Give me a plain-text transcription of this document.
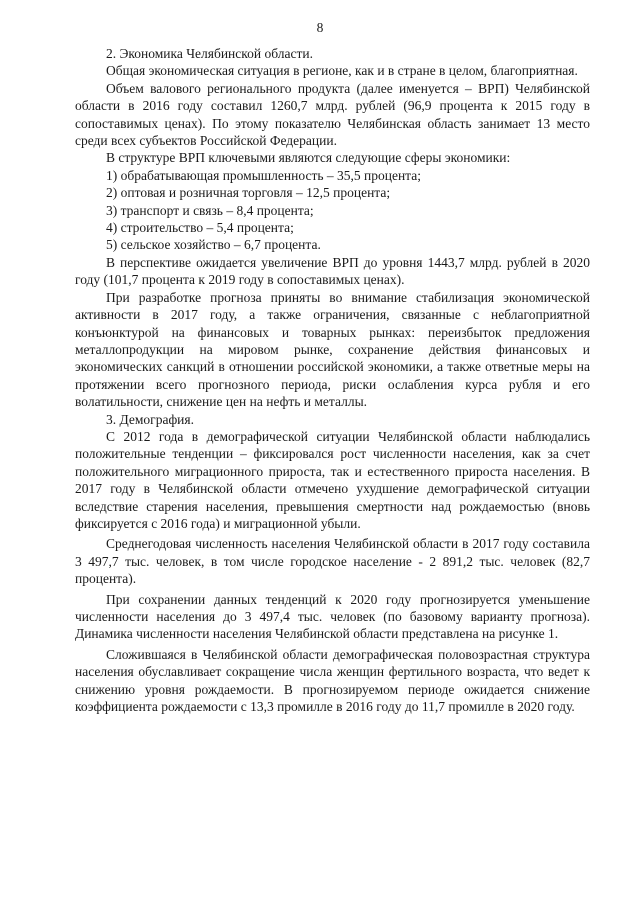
8

2. Экономика Челябинской области.

Общая экономическая ситуация в регионе, как и в стране в целом, благоприятная.

Объем валового регионального продукта (далее именуется – ВРП) Челябинской области в 2016 году составил 1260,7 млрд. рублей (96,9 процента к 2015 году в сопоставимых ценах). По этому показателю Челябинская область занимает 13 место среди всех субъектов Российской Федерации.

В структуре ВРП ключевыми являются следующие сферы экономики:

1) обрабатывающая промышленность – 35,5 процента;
2) оптовая и розничная торговля – 12,5 процента;
3) транспорт и связь – 8,4 процента;
4) строительство – 5,4 процента;
5) сельское хозяйство – 6,7 процента.

В перспективе ожидается увеличение ВРП до уровня 1443,7 млрд. рублей в 2020 году (101,7 процента к 2019 году в сопоставимых ценах).

При разработке прогноза приняты во внимание стабилизация экономической активности в 2017 году, а также ограничения, связанные с неблагоприятной конъюнктурой на финансовых и товарных рынках: переизбыток предложения металлопродукции на мировом рынке, сохранение действия финансовых и экономических санкций в отношении российской экономики, а также ответные меры на протяжении всего прогнозного периода, риски ослабления курса рубля и его волатильности, снижение цен на нефть и металлы.

3. Демография.

С 2012 года в демографической ситуации Челябинской области наблюдались положительные тенденции – фиксировался рост численности населения, как за счет положительного миграционного прироста, так и естественного прироста населения. В 2017 году в Челябинской области отмечено ухудшение демографической ситуации вследствие старения населения, превышения смертности над рождаемостью (вновь фиксируется с 2016 года) и миграционной убыли.

Среднегодовая численность населения Челябинской области в 2017 году составила 3 497,7 тыс. человек, в том числе городское население - 2 891,2 тыс. человек (82,7 процента).

При сохранении данных тенденций к 2020 году прогнозируется уменьшение численности населения до 3 497,4 тыс. человек (по базовому варианту прогноза). Динамика численности населения Челябинской области представлена на рисунке 1.

Сложившаяся в Челябинской области демографическая половозрастная структура населения обуславливает сокращение числа женщин фертильного возраста, что ведет к снижению уровня рождаемости. В прогнозируемом периоде ожидается снижение коэффициента рождаемости с 13,3 промилле в 2016 году до 11,7 промилле в 2020 году.
